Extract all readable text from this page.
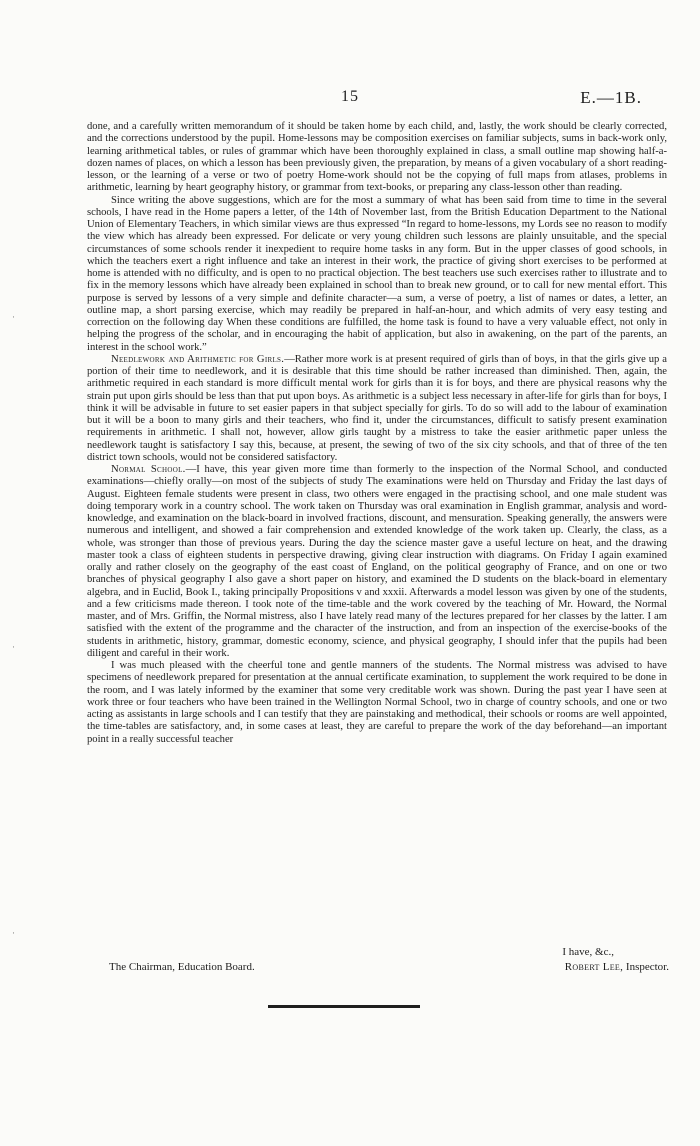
15	E.—1B.

done, and a carefully written memorandum of it should be taken home by each child, and, lastly, the work should be clearly corrected, and the corrections understood by the pupil. Home-lessons may be composition exercises on familiar subjects, sums in back-work only, learning arithmetical tables, or rules of grammar which have been thoroughly explained in class, a small outline map showing half-a-dozen names of places, on which a lesson has been previously given, the preparation, by means of a given vocabulary of a short reading-lesson, or the learning of a verse or two of poetry Home-work should not be the copying of full maps from atlases, problems in arithmetic, learning by heart geography history, or grammar from text-books, or preparing any class-lesson other than reading.

Since writing the above suggestions, which are for the most a summary of what has been said from time to time in the several schools, I have read in the Home papers a letter, of the 14th of November last, from the British Education Department to the National Union of Elementary Teachers, in which similar views are thus expressed “In regard to home-lessons, my Lords see no reason to modify the view which has already been expressed. For delicate or very young children such lessons are plainly unsuitable, and the special circumstances of some schools render it inexpedient to require home tasks in any form. But in the upper classes of good schools, in which the teachers exert a right influence and take an interest in their work, the practice of giving short exercises to be performed at home is attended with no difficulty, and is open to no practical objection. The best teachers use such exercises rather to illustrate and to fix in the memory lessons which have already been explained in school than to break new ground, or to call for new mental effort. This purpose is served by lessons of a very simple and definite character—a sum, a verse of poetry, a list of names or dates, a letter, an outline map, a short parsing exercise, which may readily be prepared in half-an-hour, and which admits of very easy testing and correction on the following day When these conditions are fulfilled, the home task is found to have a very valuable effect, not only in helping the progress of the scholar, and in encouraging the habit of application, but also in awakening, on the part of the parents, an interest in the school work.”

Needlework and Arithmetic for Girls.—Rather more work is at present required of girls than of boys, in that the girls give up a portion of their time to needlework, and it is desirable that this time should be rather increased than diminished. Then, again, the arithmetic required in each standard is more difficult mental work for girls than it is for boys, and there are physical reasons why the strain put upon girls should be less than that put upon boys. As arithmetic is a subject less necessary in after-life for girls than for boys, I think it will be advisable in future to set easier papers in that subject specially for girls. To do so will add to the labour of examination but it will be a boon to many girls and their teachers, who find it, under the circumstances, difficult to satisfy present examination requirements in arithmetic. I shall not, however, allow girls taught by a mistress to take the easier arithmetic paper unless the needlework taught is satisfactory I say this, because, at present, the sewing of two of the six city schools, and that of three of the ten district town schools, would not be considered satisfactory.

Normal School.—I have, this year given more time than formerly to the inspection of the Normal School, and conducted examinations—chiefly orally—on most of the subjects of study The examinations were held on Thursday and Friday the last days of August. Eighteen female students were present in class, two others were engaged in the practising school, and one male student was doing temporary work in a country school. The work taken on Thursday was oral examination in English grammar, analysis and word-knowledge, and examination on the black-board in involved fractions, discount, and mensuration. Speaking generally, the answers were numerous and intelligent, and showed a fair comprehension and extended knowledge of the work taken up. Clearly, the class, as a whole, was stronger than those of previous years. During the day the science master gave a useful lecture on heat, and the drawing master took a class of eighteen students in perspective drawing, giving clear instruction with diagrams. On Friday I again examined orally and rather closely on the geography of the east coast of England, on the political geography of France, and on one or two branches of physical geography I also gave a short paper on history, and examined the D students on the black-board in elementary algebra, and in Euclid, Book I., taking principally Propositions v and xxxii. Afterwards a model lesson was given by one of the students, and a few criticisms made thereon. I took note of the time-table and the work covered by the teaching of Mr. Howard, the Normal master, and of Mrs. Griffin, the Normal mistress, also I have lately read many of the lectures prepared for her classes by the latter. I am satisfied with the extent of the programme and the character of the instruction, and from an inspection of the exercise-books of the students in arithmetic, history, grammar, domestic economy, science, and physical geography, I should infer that the pupils had been diligent and careful in their work.

I was much pleased with the cheerful tone and gentle manners of the students. The Normal mistress was advised to have specimens of needlework prepared for presentation at the annual certificate examination, to supplement the work required to be done in the room, and I was lately informed by the examiner that some very creditable work was shown. During the past year I have seen at work three or four teachers who have been trained in the Wellington Normal School, two in charge of country schools, and one or two acting as assistants in large schools and I can testify that they are painstaking and methodical, their schools or rooms are well appointed, the time-tables are satisfactory, and, in some cases at least, they are careful to prepare the work of the day beforehand—an important point in a really successful teacher

I have, &c.,
The Chairman, Education Board.	Robert Lee, Inspector.
·
·
·
